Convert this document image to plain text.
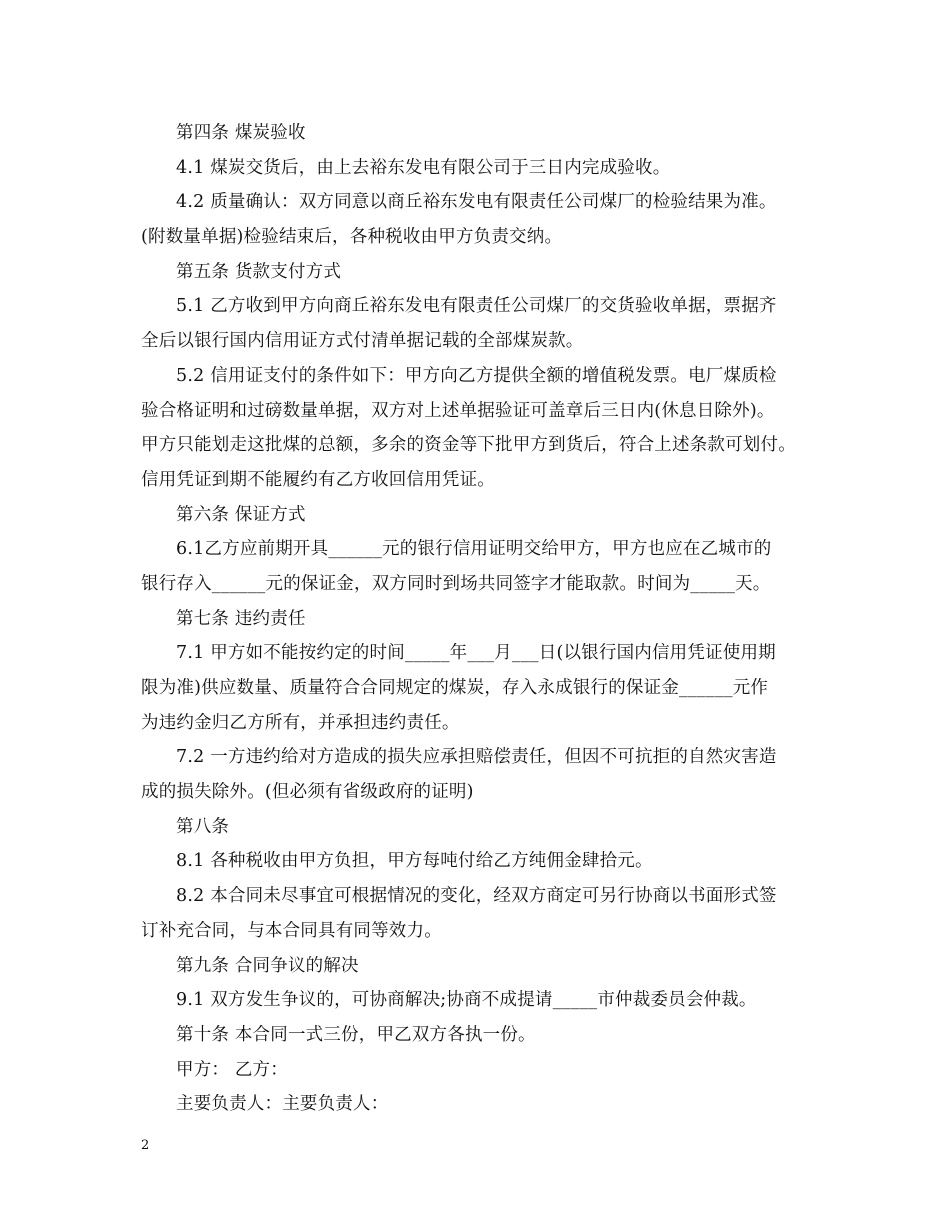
第四条 煤炭验收
4.1 煤炭交货后，由上去裕东发电有限公司于三日内完成验收。
4.2 质量确认：双方同意以商丘裕东发电有限责任公司煤厂的检验结果为准。
(附数量单据)检验结束后，各种税收由甲方负责交纳。
第五条 货款支付方式
5.1 乙方收到甲方向商丘裕东发电有限责任公司煤厂的交货验收单据，票据齐
全后以银行国内信用证方式付清单据记载的全部煤炭款。
5.2 信用证支付的条件如下：甲方向乙方提供全额的增值税发票。电厂煤质检
验合格证明和过磅数量单据，双方对上述单据验证可盖章后三日内(休息日除外)。
甲方只能划走这批煤的总额，多余的资金等下批甲方到货后，符合上述条款可划付。
信用凭证到期不能履约有乙方收回信用凭证。
第六条 保证方式
6.1乙方应前期开具______元的银行信用证明交给甲方，甲方也应在乙城市的
银行存入______元的保证金，双方同时到场共同签字才能取款。时间为_____天。
第七条 违约责任
7.1 甲方如不能按约定的时间_____年___月___日(以银行国内信用凭证使用期
限为准)供应数量、质量符合合同规定的煤炭，存入永成银行的保证金______元作
为违约金归乙方所有，并承担违约责任。
7.2 一方违约给对方造成的损失应承担赔偿责任，但因不可抗拒的自然灾害造
成的损失除外。(但必须有省级政府的证明)
第八条
8.1 各种税收由甲方负担，甲方每吨付给乙方纯佣金肆拾元。
8.2 本合同未尽事宜可根据情况的变化，经双方商定可另行协商以书面形式签
订补充合同，与本合同具有同等效力。
第九条 合同争议的解决
9.1 双方发生争议的，可协商解决;协商不成提请_____市仲裁委员会仲裁。
第十条 本合同一式三份，甲乙双方各执一份。
甲方： 乙方：
主要负责人：主要负责人：
2
